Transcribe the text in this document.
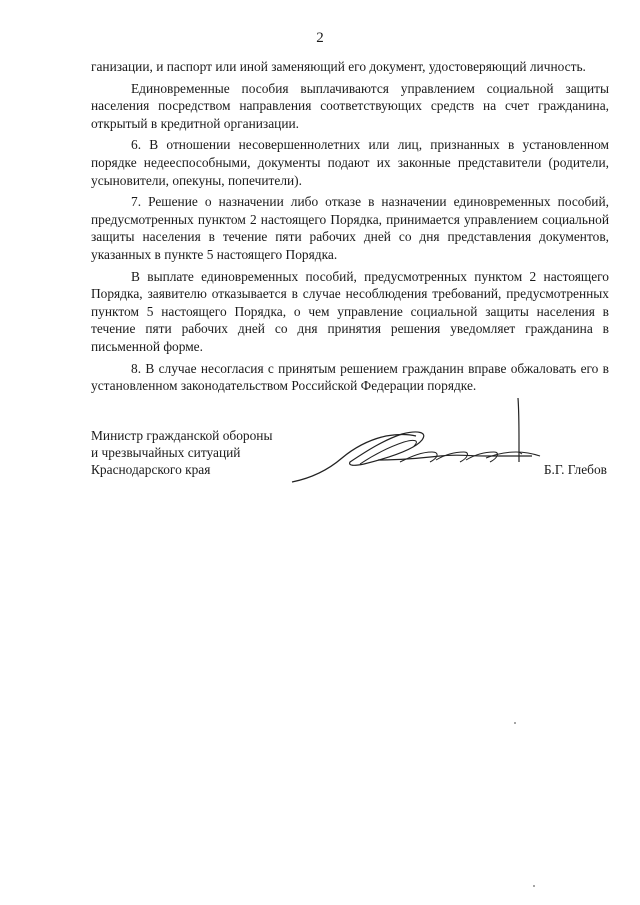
2

ганизации, и паспорт или иной заменяющий его документ, удостоверяющий личность.

Единовременные пособия выплачиваются управлением социальной защиты населения посредством направления соответствующих средств на счет гражданина, открытый в кредитной организации.

6. В отношении несовершеннолетних или лиц, признанных в установленном порядке недееспособными, документы подают их законные представители (родители, усыновители, опекуны, попечители).

7. Решение о назначении либо отказе в назначении единовременных пособий, предусмотренных пунктом 2 настоящего Порядка, принимается управлением социальной защиты населения в течение пяти рабочих дней со дня представления документов, указанных в пункте 5 настоящего Порядка.

В выплате единовременных пособий, предусмотренных пунктом 2 настоящего Порядка, заявителю отказывается в случае несоблюдения требований, предусмотренных пунктом 5 настоящего Порядка, о чем управление социальной защиты населения в течение пяти рабочих дней со дня принятия решения уведомляет гражданина в письменной форме.

8. В случае несогласия с принятым решением гражданин вправе обжаловать его в установленном законодательством Российской Федерации порядке.

Министр гражданской обороны
и чрезвычайных ситуаций
Краснодарского края	Б.Г. Глебов
